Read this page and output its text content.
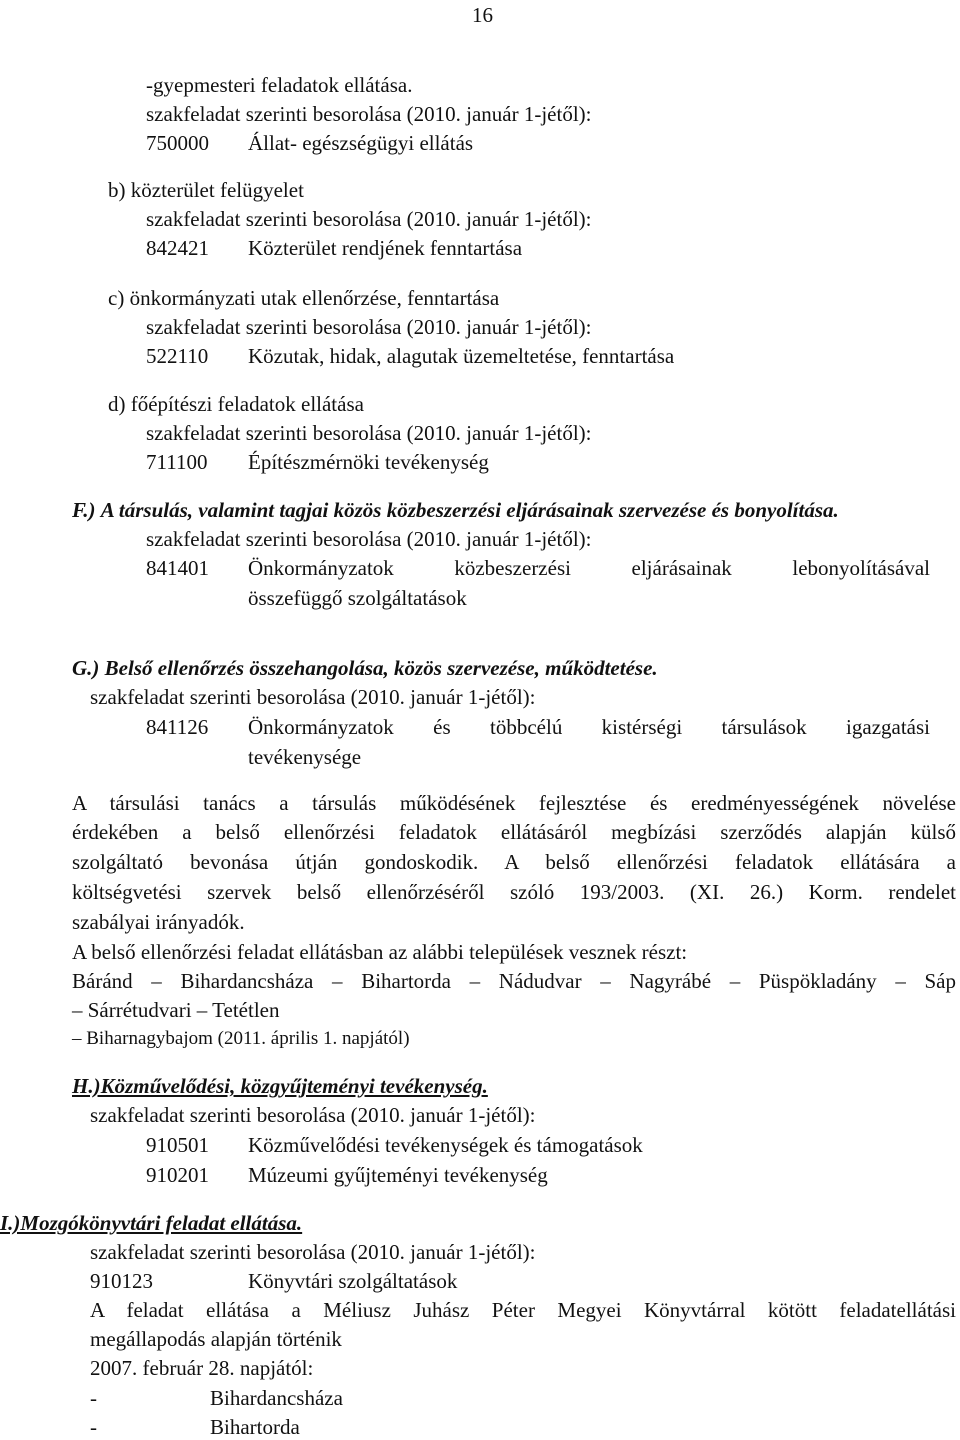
16
-gyepmesteri feladatok ellátása.
szakfeladat szerinti besorolása (2010. január 1-jétől):
750000 Állat- egészségügyi ellátás
b) közterület felügyelet
szakfeladat szerinti besorolása (2010. január 1-jétől):
842421 Közterület rendjének fenntartása
c) önkormányzati utak ellenőrzése, fenntartása
szakfeladat szerinti besorolása (2010. január 1-jétől):
522110 Közutak, hidak, alagutak üzemeltetése, fenntartása
d) főépítészi feladatok ellátása
szakfeladat szerinti besorolása (2010. január 1-jétől):
711100 Építészmérnöki tevékenység
F.) A társulás, valamint tagjai közös közbeszerzési eljárásainak szervezése és bonyolítása.
szakfeladat szerinti besorolása (2010. január 1-jétől):
841401 Önkormányzatok közbeszerzési eljárásainak lebonyolításával
összefüggő szolgáltatások
G.) Belső ellenőrzés összehangolása, közös szervezése, működtetése.
szakfeladat szerinti besorolása (2010. január 1-jétől):
841126 Önkormányzatok és többcélú kistérségi társulások igazgatási
tevékenysége
A társulási tanács a társulás működésének fejlesztése és eredményességének növelése
érdekében a belső ellenőrzési feladatok ellátásáról megbízási szerződés alapján külső
szolgáltató bevonása útján gondoskodik. A belső ellenőrzési feladatok ellátására a
költségvetési szervek belső ellenőrzéséről szóló 193/2003. (XI. 26.) Korm. rendelet
szabályai irányadók.
A belső ellenőrzési feladat ellátásban az alábbi települések vesznek részt:
Báránd – Bihardancsháza – Bihartorda – Nádudvar – Nagyrábé – Püspökladány – Sáp
– Sárrétudvari – Tetétlen
– Biharnagybajom (2011. április 1. napjától)
H.)Közművelődési, közgyűjteményi tevékenység.
szakfeladat szerinti besorolása (2010. január 1-jétől):
910501 Közművelődési tevékenységek és támogatások
910201 Múzeumi gyűjteményi tevékenység
I.)Mozgókönyvtári feladat ellátása.
szakfeladat szerinti besorolása (2010. január 1-jétől):
910123	Könyvtári szolgáltatások
A feladat ellátása a Méliusz Juhász Péter Megyei Könyvtárral kötött feladatellátási
megállapodás alapján történik
2007. február 28. napjától:
-	Bihardancsháza
-	Bihartorda
